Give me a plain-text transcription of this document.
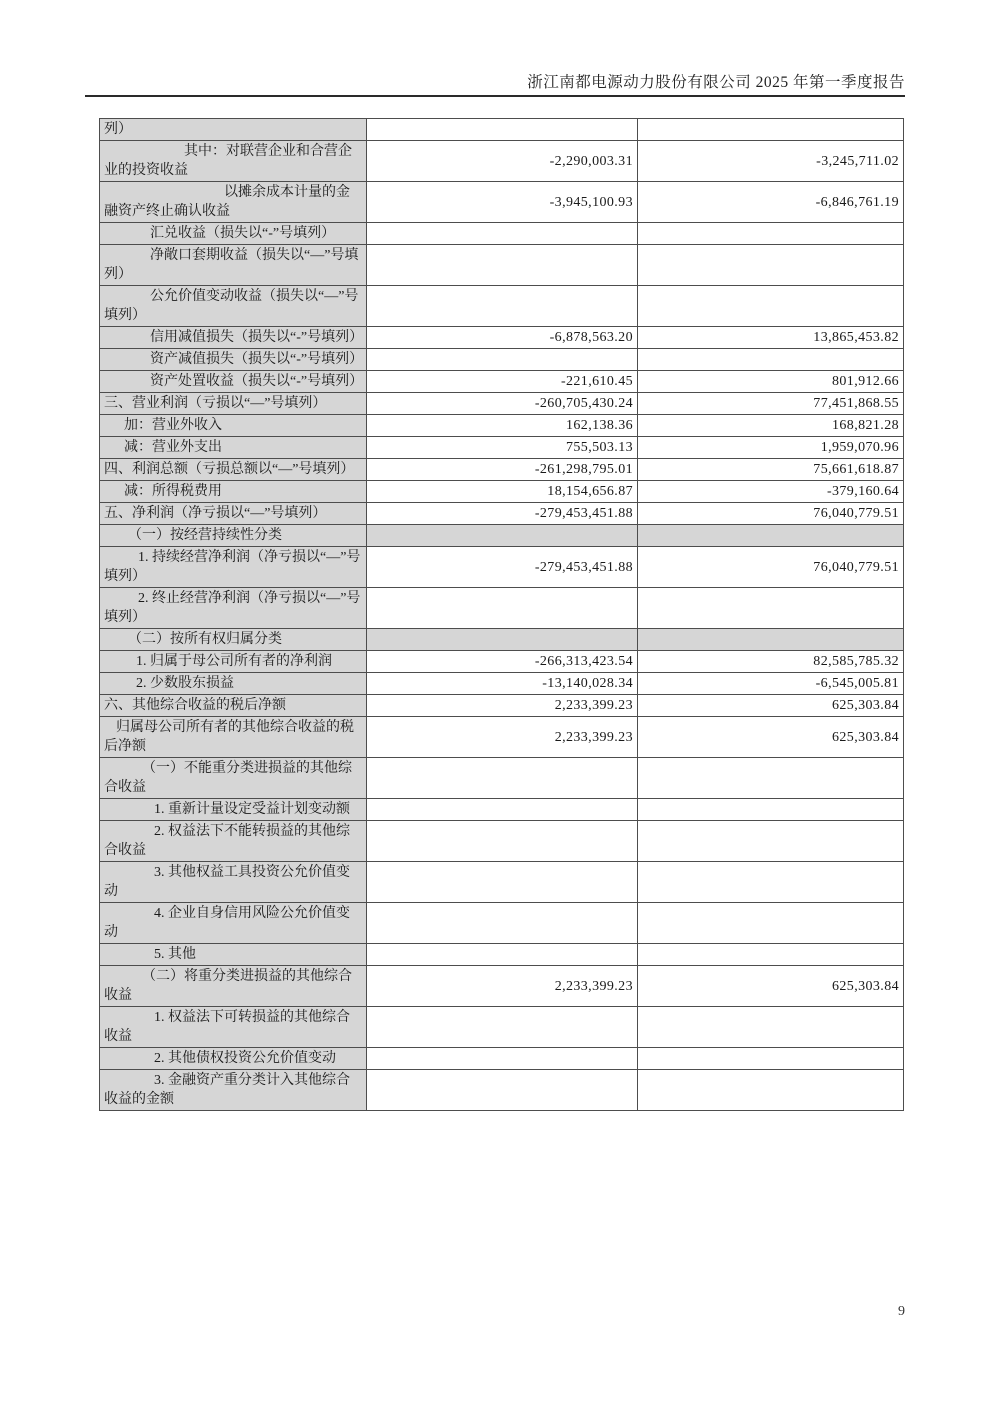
浙江南都电源动力股份有限公司 2025 年第一季度报告
列）		
其中：对联营企业和合营企业的投资收益	-2,290,003.31	-3,245,711.02
以摊余成本计量的金融资产终止确认收益	-3,945,100.93	-6,846,761.19
汇兑收益（损失以“-”号填列）		
净敞口套期收益（损失以“—”号填列）		
公允价值变动收益（损失以“—”号填列）		
信用减值损失（损失以“-”号填列）	-6,878,563.20	13,865,453.82
资产减值损失（损失以“-”号填列）		
资产处置收益（损失以“-”号填列）	-221,610.45	801,912.66
三、营业利润（亏损以“—”号填列）	-260,705,430.24	77,451,868.55
加：营业外收入	162,138.36	168,821.28
减：营业外支出	755,503.13	1,959,070.96
四、利润总额（亏损总额以“—”号填列）	-261,298,795.01	75,661,618.87
减：所得税费用	18,154,656.87	-379,160.64
五、净利润（净亏损以“—”号填列）	-279,453,451.88	76,040,779.51
（一）按经营持续性分类		
1. 持续经营净利润（净亏损以“—”号填列）	-279,453,451.88	76,040,779.51
2. 终止经营净利润（净亏损以“—”号填列）		
（二）按所有权归属分类		
1. 归属于母公司所有者的净利润	-266,313,423.54	82,585,785.32
2. 少数股东损益	-13,140,028.34	-6,545,005.81
六、其他综合收益的税后净额	2,233,399.23	625,303.84
归属母公司所有者的其他综合收益的税后净额	2,233,399.23	625,303.84
（一）不能重分类进损益的其他综合收益		
1. 重新计量设定受益计划变动额		
2. 权益法下不能转损益的其他综合收益		
3. 其他权益工具投资公允价值变动		
4. 企业自身信用风险公允价值变动		
5. 其他		
（二）将重分类进损益的其他综合收益	2,233,399.23	625,303.84
1. 权益法下可转损益的其他综合收益		
2. 其他债权投资公允价值变动		
3. 金融资产重分类计入其他综合收益的金额		
9
